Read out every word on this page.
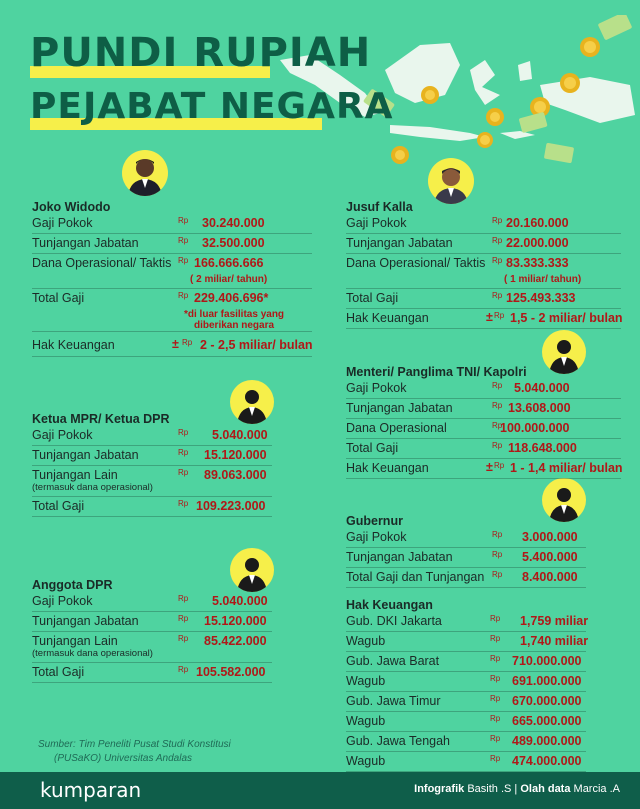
PUNDI RUPIAH
PEJABAT NEGARA
Joko Widodo
Gaji Pokok	Rp 30.240.000
Tunjangan Jabatan	Rp 32.500.000
Dana Operasional/ Taktis Rp 166.666.666
( 2 miliar/ tahun)
Total Gaji	Rp 229.406.696*
*di luar fasilitas yang
diberikan negara
Hak Keuangan	± Rp 2 - 2,5 miliar/ bulan
Jusuf Kalla
Gaji Pokok	Rp 20.160.000
Tunjangan Jabatan	Rp 22.000.000
Dana Operasional/ Taktis Rp 83.333.333
( 1 miliar/ tahun)
Total Gaji	Rp 125.493.333
Hak Keuangan	± Rp 1,5 - 2 miliar/ bulan
Ketua MPR/ Ketua DPR
Gaji Pokok	Rp 5.040.000
Tunjangan Jabatan	Rp 15.120.000
Tunjangan Lain
(termasuk dana operasional)
Rp 89.063.000
Total Gaji	Rp 109.223.000
Menteri/ Panglima TNI/ Kapolri
Gaji Pokok	Rp 5.040.000
Tunjangan Jabatan	Rp 13.608.000
Dana Operasional	Rp
100.000.000
Total Gaji	Rp 118.648.000
Hak Keuangan	± Rp 1 - 1,4 miliar/ bulan
Gubernur
Gaji Pokok	Rp 3.000.000
Tunjangan Jabatan	Rp 5.400.000
Total Gaji dan Tunjangan Rp 8.400.000
Anggota DPR
Gaji Pokok	Rp 5.040.000
Tunjangan Jabatan	Rp 15.120.000
Tunjangan Lain
(termasuk dana operasional)
Rp 85.422.000
Total Gaji	Rp 105.582.000
Hak Keuangan
Gub. DKI Jakarta	Rp 1,759 miliar
Wagub	Rp 1,740 miliar
Gub. Jawa Barat	Rp 710.000.000
Wagub	Rp 691.000.000
Gub. Jawa Timur	Rp 670.000.000
Wagub	Rp 665.000.000
Gub. Jawa Tengah	Rp 489.000.000
Wagub	Rp 474.000.000
Sumber: Tim Peneliti Pusat Studi Konstitusi
(PUSaKO) Universitas Andalas
kumparan	Infografik Basith .S | Olah data Marcia .A
